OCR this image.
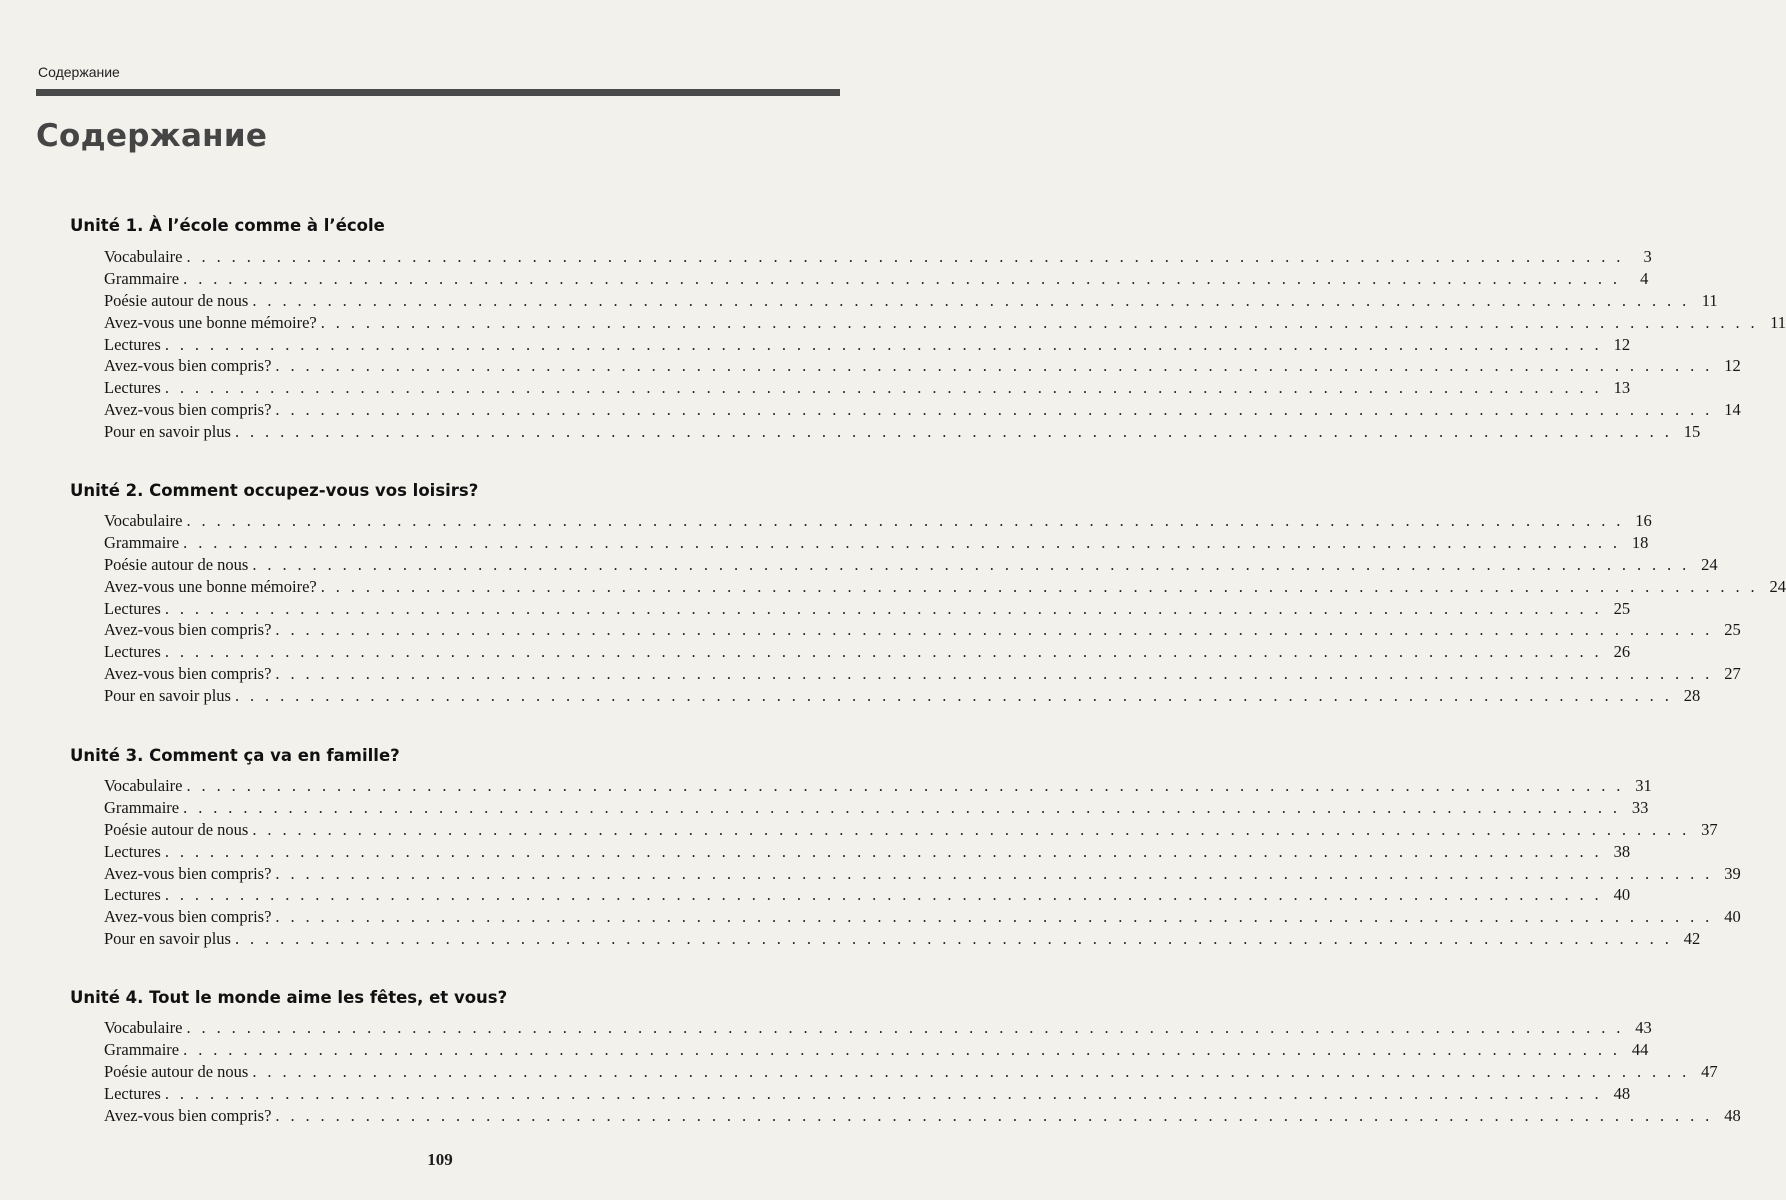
Содержание
Содержание
Unité 1. À l’école comme à l’école
Vocabulaire . . . . . . . . . . . . . . . . . . . . . . . . . . . . . . . . . . . . . . . . . . . . . . . . . . . . . . . . . . . . . . . . . . . . . . . . . . . . . . . . . . . . . . . . . . . . . . . .	3
Grammaire . . . . . . . . . . . . . . . . . . . . . . . . . . . . . . . . . . . . . . . . . . . . . . . . . . . . . . . . . . . . . . . . . . . . . . . . . . . . . . . . . . . . . . . . . . . . . . . .	4
Poésie autour de nous . . . . . . . . . . . . . . . . . . . . . . . . . . . . . . . . . . . . . . . . . . . . . . . . . . . . . . . . . . . . . . . . . . . . . . . . . . . . . . . . . . . . . . . . . . . . . . . . 11
Avez-vous une bonne mémoire? . . . . . . . . . . . . . . . . . . . . . . . . . . . . . . . . . . . . . . . . . . . . . . . . . . . . . . . . . . . . . . . . . . . . . . . . . . . . . . . . . . . . . . . . . . . . . . . . 11
Lectures . . . . . . . . . . . . . . . . . . . . . . . . . . . . . . . . . . . . . . . . . . . . . . . . . . . . . . . . . . . . . . . . . . . . . . . . . . . . . . . . . . . . . . . . . . . . . . . . 12
Avez-vous bien compris? . . . . . . . . . . . . . . . . . . . . . . . . . . . . . . . . . . . . . . . . . . . . . . . . . . . . . . . . . . . . . . . . . . . . . . . . . . . . . . . . . . . . . . . . . . . . . . . . 12
Lectures . . . . . . . . . . . . . . . . . . . . . . . . . . . . . . . . . . . . . . . . . . . . . . . . . . . . . . . . . . . . . . . . . . . . . . . . . . . . . . . . . . . . . . . . . . . . . . . . 13
Avez-vous bien compris? . . . . . . . . . . . . . . . . . . . . . . . . . . . . . . . . . . . . . . . . . . . . . . . . . . . . . . . . . . . . . . . . . . . . . . . . . . . . . . . . . . . . . . . . . . . . . . . . 14
Pour en savoir plus . . . . . . . . . . . . . . . . . . . . . . . . . . . . . . . . . . . . . . . . . . . . . . . . . . . . . . . . . . . . . . . . . . . . . . . . . . . . . . . . . . . . . . . . . . . . . . . . 15
Unité 2. Comment occupez-vous vos loisirs?
Vocabulaire . . . . . . . . . . . . . . . . . . . . . . . . . . . . . . . . . . . . . . . . . . . . . . . . . . . . . . . . . . . . . . . . . . . . . . . . . . . . . . . . . . . . . . . . . . . . . . . . 16
Grammaire . . . . . . . . . . . . . . . . . . . . . . . . . . . . . . . . . . . . . . . . . . . . . . . . . . . . . . . . . . . . . . . . . . . . . . . . . . . . . . . . . . . . . . . . . . . . . . . . 18
Poésie autour de nous . . . . . . . . . . . . . . . . . . . . . . . . . . . . . . . . . . . . . . . . . . . . . . . . . . . . . . . . . . . . . . . . . . . . . . . . . . . . . . . . . . . . . . . . . . . . . . . . 24
Avez-vous une bonne mémoire? . . . . . . . . . . . . . . . . . . . . . . . . . . . . . . . . . . . . . . . . . . . . . . . . . . . . . . . . . . . . . . . . . . . . . . . . . . . . . . . . . . . . . . . . . . . . . . . . 24
Lectures . . . . . . . . . . . . . . . . . . . . . . . . . . . . . . . . . . . . . . . . . . . . . . . . . . . . . . . . . . . . . . . . . . . . . . . . . . . . . . . . . . . . . . . . . . . . . . . . 25
Avez-vous bien compris? . . . . . . . . . . . . . . . . . . . . . . . . . . . . . . . . . . . . . . . . . . . . . . . . . . . . . . . . . . . . . . . . . . . . . . . . . . . . . . . . . . . . . . . . . . . . . . . . 25
Lectures . . . . . . . . . . . . . . . . . . . . . . . . . . . . . . . . . . . . . . . . . . . . . . . . . . . . . . . . . . . . . . . . . . . . . . . . . . . . . . . . . . . . . . . . . . . . . . . . 26
Avez-vous bien compris? . . . . . . . . . . . . . . . . . . . . . . . . . . . . . . . . . . . . . . . . . . . . . . . . . . . . . . . . . . . . . . . . . . . . . . . . . . . . . . . . . . . . . . . . . . . . . . . . 27
Pour en savoir plus . . . . . . . . . . . . . . . . . . . . . . . . . . . . . . . . . . . . . . . . . . . . . . . . . . . . . . . . . . . . . . . . . . . . . . . . . . . . . . . . . . . . . . . . . . . . . . . . 28
Unité 3. Comment ça va en famille?
Vocabulaire . . . . . . . . . . . . . . . . . . . . . . . . . . . . . . . . . . . . . . . . . . . . . . . . . . . . . . . . . . . . . . . . . . . . . . . . . . . . . . . . . . . . . . . . . . . . . . . . 31
Grammaire . . . . . . . . . . . . . . . . . . . . . . . . . . . . . . . . . . . . . . . . . . . . . . . . . . . . . . . . . . . . . . . . . . . . . . . . . . . . . . . . . . . . . . . . . . . . . . . . 33
Poésie autour de nous . . . . . . . . . . . . . . . . . . . . . . . . . . . . . . . . . . . . . . . . . . . . . . . . . . . . . . . . . . . . . . . . . . . . . . . . . . . . . . . . . . . . . . . . . . . . . . . . 37
Lectures . . . . . . . . . . . . . . . . . . . . . . . . . . . . . . . . . . . . . . . . . . . . . . . . . . . . . . . . . . . . . . . . . . . . . . . . . . . . . . . . . . . . . . . . . . . . . . . . 38
Avez-vous bien compris? . . . . . . . . . . . . . . . . . . . . . . . . . . . . . . . . . . . . . . . . . . . . . . . . . . . . . . . . . . . . . . . . . . . . . . . . . . . . . . . . . . . . . . . . . . . . . . . . 39
Lectures . . . . . . . . . . . . . . . . . . . . . . . . . . . . . . . . . . . . . . . . . . . . . . . . . . . . . . . . . . . . . . . . . . . . . . . . . . . . . . . . . . . . . . . . . . . . . . . . 40
Avez-vous bien compris? . . . . . . . . . . . . . . . . . . . . . . . . . . . . . . . . . . . . . . . . . . . . . . . . . . . . . . . . . . . . . . . . . . . . . . . . . . . . . . . . . . . . . . . . . . . . . . . . 40
Pour en savoir plus . . . . . . . . . . . . . . . . . . . . . . . . . . . . . . . . . . . . . . . . . . . . . . . . . . . . . . . . . . . . . . . . . . . . . . . . . . . . . . . . . . . . . . . . . . . . . . . . 42
Unité 4. Tout le monde aime les fêtes, et vous?
Vocabulaire . . . . . . . . . . . . . . . . . . . . . . . . . . . . . . . . . . . . . . . . . . . . . . . . . . . . . . . . . . . . . . . . . . . . . . . . . . . . . . . . . . . . . . . . . . . . . . . . 43
Grammaire . . . . . . . . . . . . . . . . . . . . . . . . . . . . . . . . . . . . . . . . . . . . . . . . . . . . . . . . . . . . . . . . . . . . . . . . . . . . . . . . . . . . . . . . . . . . . . . . 44
Poésie autour de nous . . . . . . . . . . . . . . . . . . . . . . . . . . . . . . . . . . . . . . . . . . . . . . . . . . . . . . . . . . . . . . . . . . . . . . . . . . . . . . . . . . . . . . . . . . . . . . . . 47
Lectures . . . . . . . . . . . . . . . . . . . . . . . . . . . . . . . . . . . . . . . . . . . . . . . . . . . . . . . . . . . . . . . . . . . . . . . . . . . . . . . . . . . . . . . . . . . . . . . . 48
Avez-vous bien compris? . . . . . . . . . . . . . . . . . . . . . . . . . . . . . . . . . . . . . . . . . . . . . . . . . . . . . . . . . . . . . . . . . . . . . . . . . . . . . . . . . . . . . . . . . . . . . . . . 48
109
